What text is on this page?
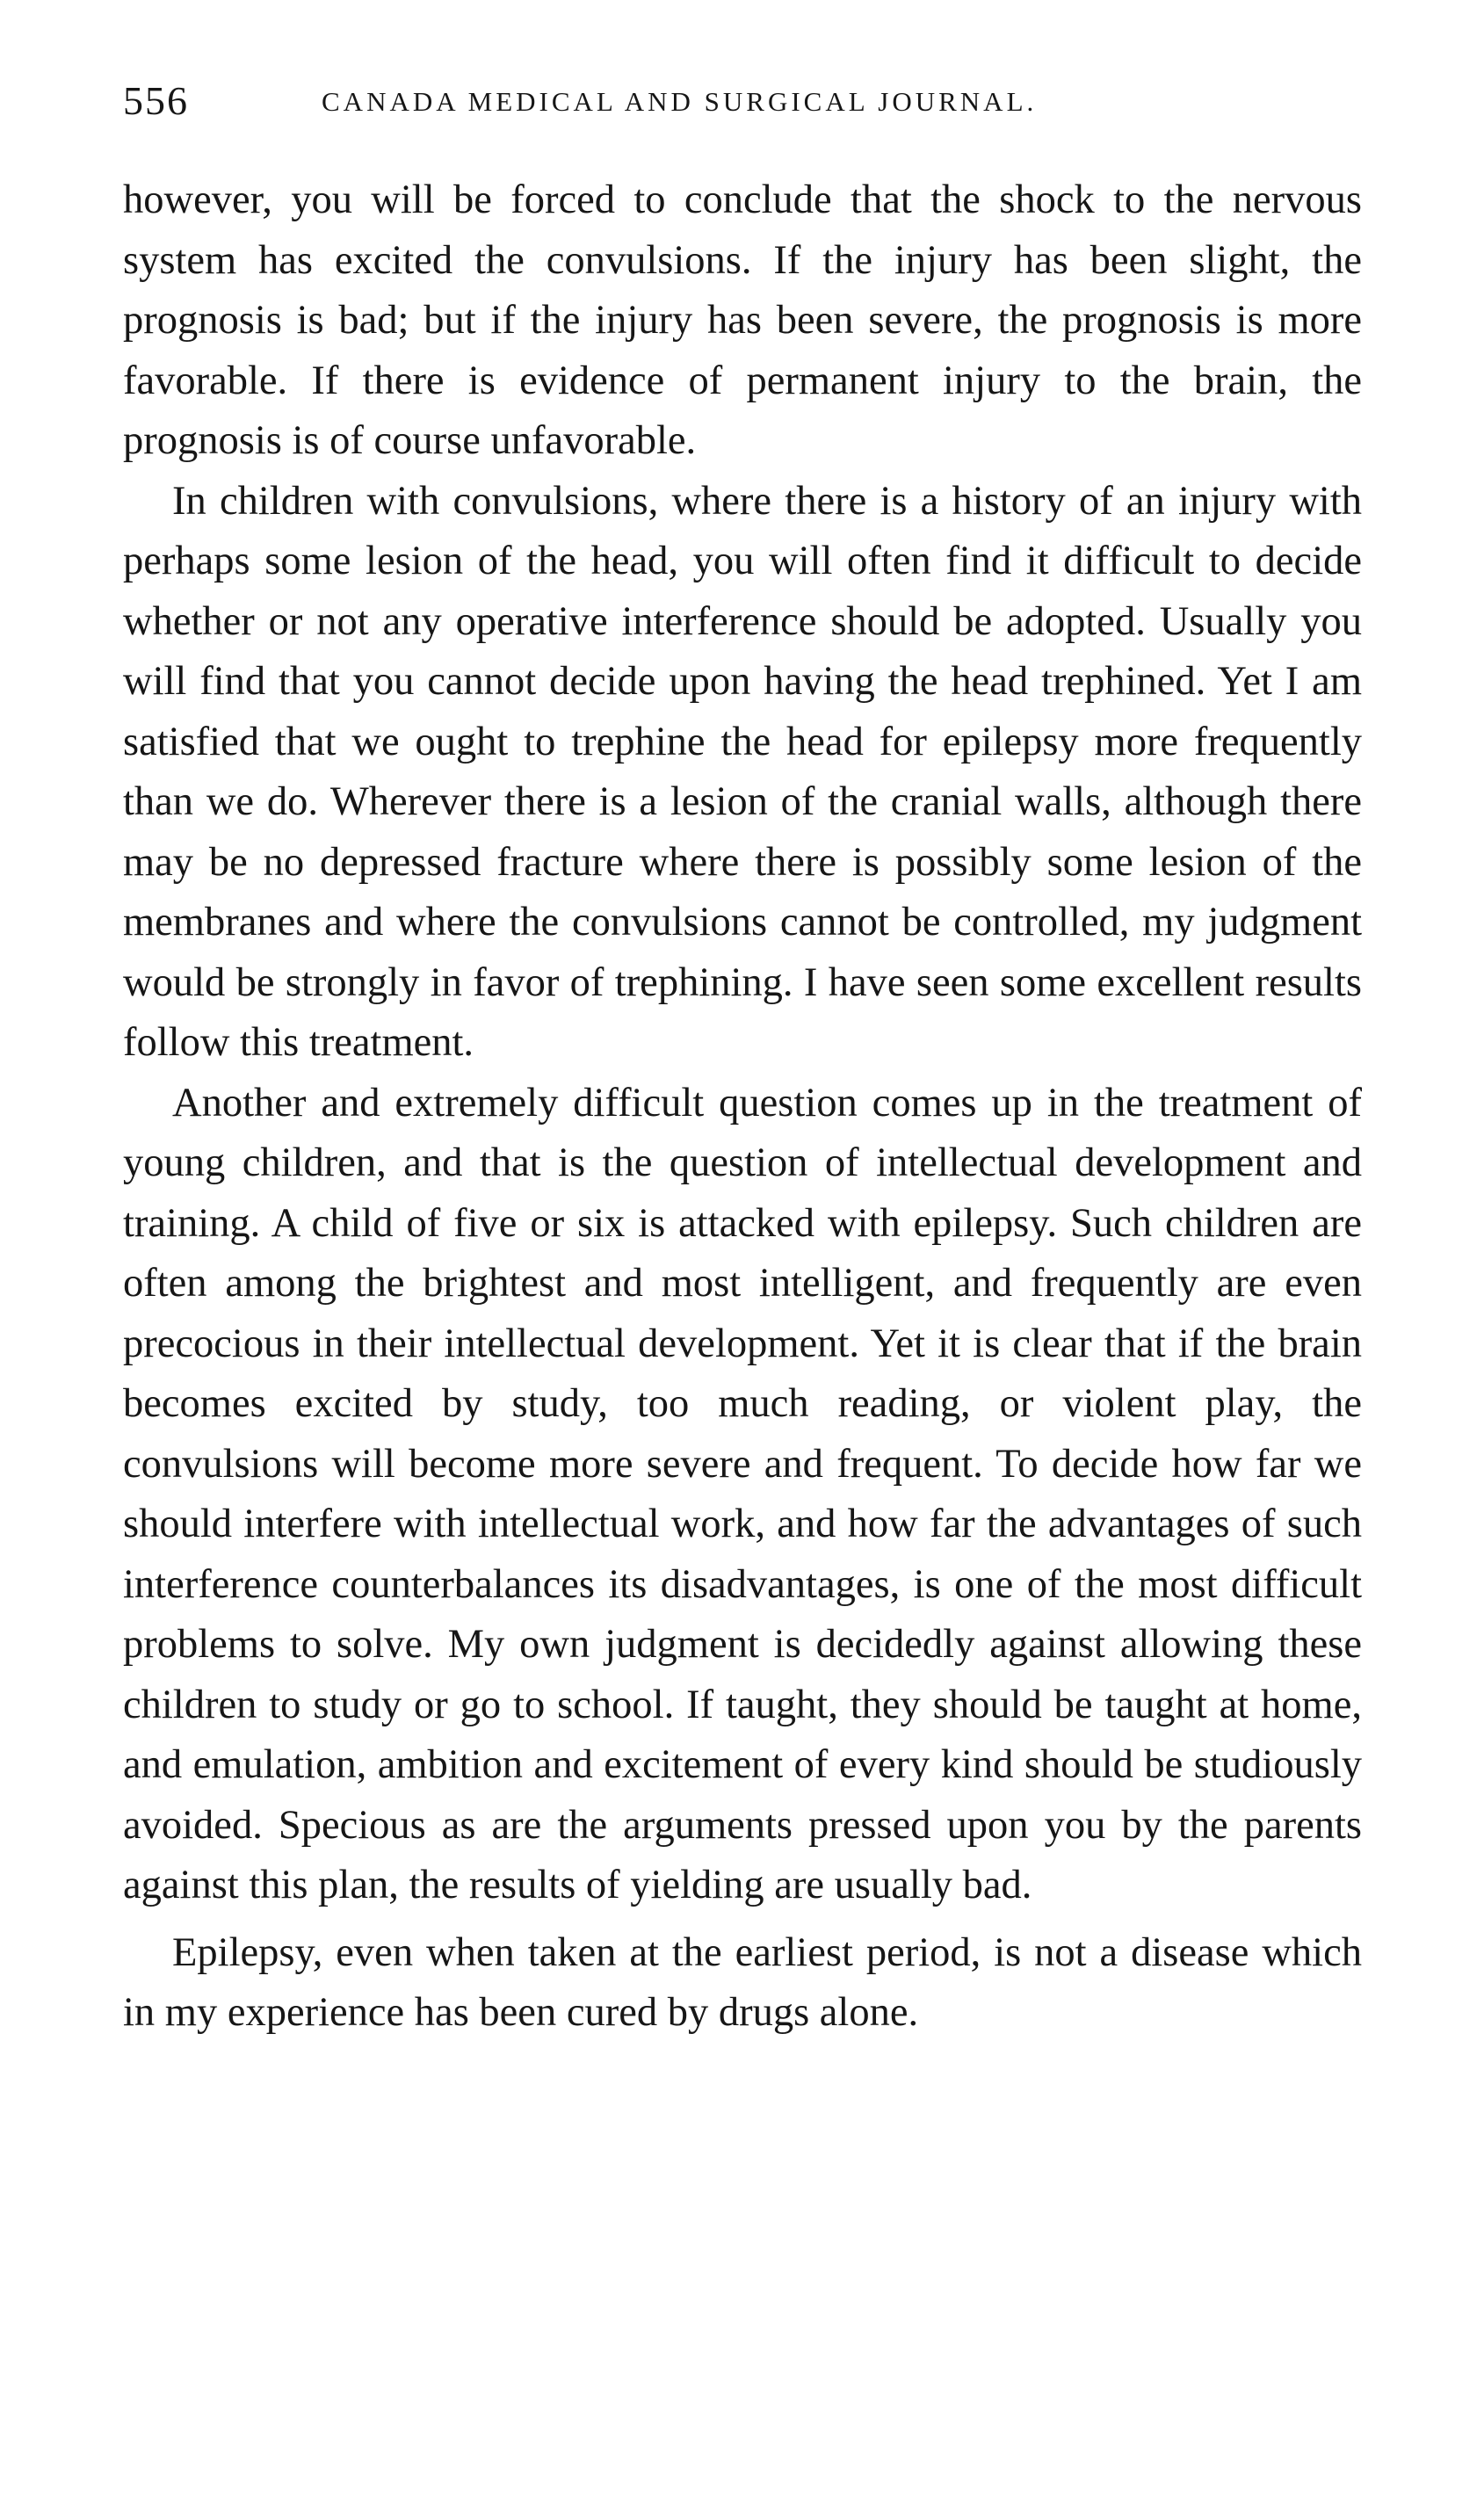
556	CANADA MEDICAL AND SURGICAL JOURNAL.

however, you will be forced to conclude that the shock to the nervous system has excited the convulsions. If the injury has been slight, the prognosis is bad; but if the injury has been severe, the prognosis is more favorable. If there is evidence of permanent injury to the brain, the prognosis is of course unfavorable.

In children with convulsions, where there is a history of an injury with perhaps some lesion of the head, you will often find it difficult to decide whether or not any operative interference should be adopted. Usually you will find that you cannot decide upon having the head trephined. Yet I am satisfied that we ought to trephine the head for epilepsy more frequently than we do. Wherever there is a lesion of the cranial walls, although there may be no depressed fracture where there is possibly some lesion of the membranes and where the convulsions cannot be controlled, my judgment would be strongly in favor of trephining. I have seen some excellent results follow this treatment.

Another and extremely difficult question comes up in the treatment of young children, and that is the question of intellectual development and training. A child of five or six is attacked with epilepsy. Such children are often among the brightest and most intelligent, and frequently are even precocious in their intellectual development. Yet it is clear that if the brain becomes excited by study, too much reading, or violent play, the convulsions will become more severe and frequent. To decide how far we should interfere with intellectual work, and how far the advantages of such interference counterbalances its disadvantages, is one of the most difficult problems to solve. My own judgment is decidedly against allowing these children to study or go to school. If taught, they should be taught at home, and emulation, ambition and excitement of every kind should be studiously avoided. Specious as are the arguments pressed upon you by the parents against this plan, the results of yielding are usually bad.

Epilepsy, even when taken at the earliest period, is not a disease which in my experience has been cured by drugs alone.
